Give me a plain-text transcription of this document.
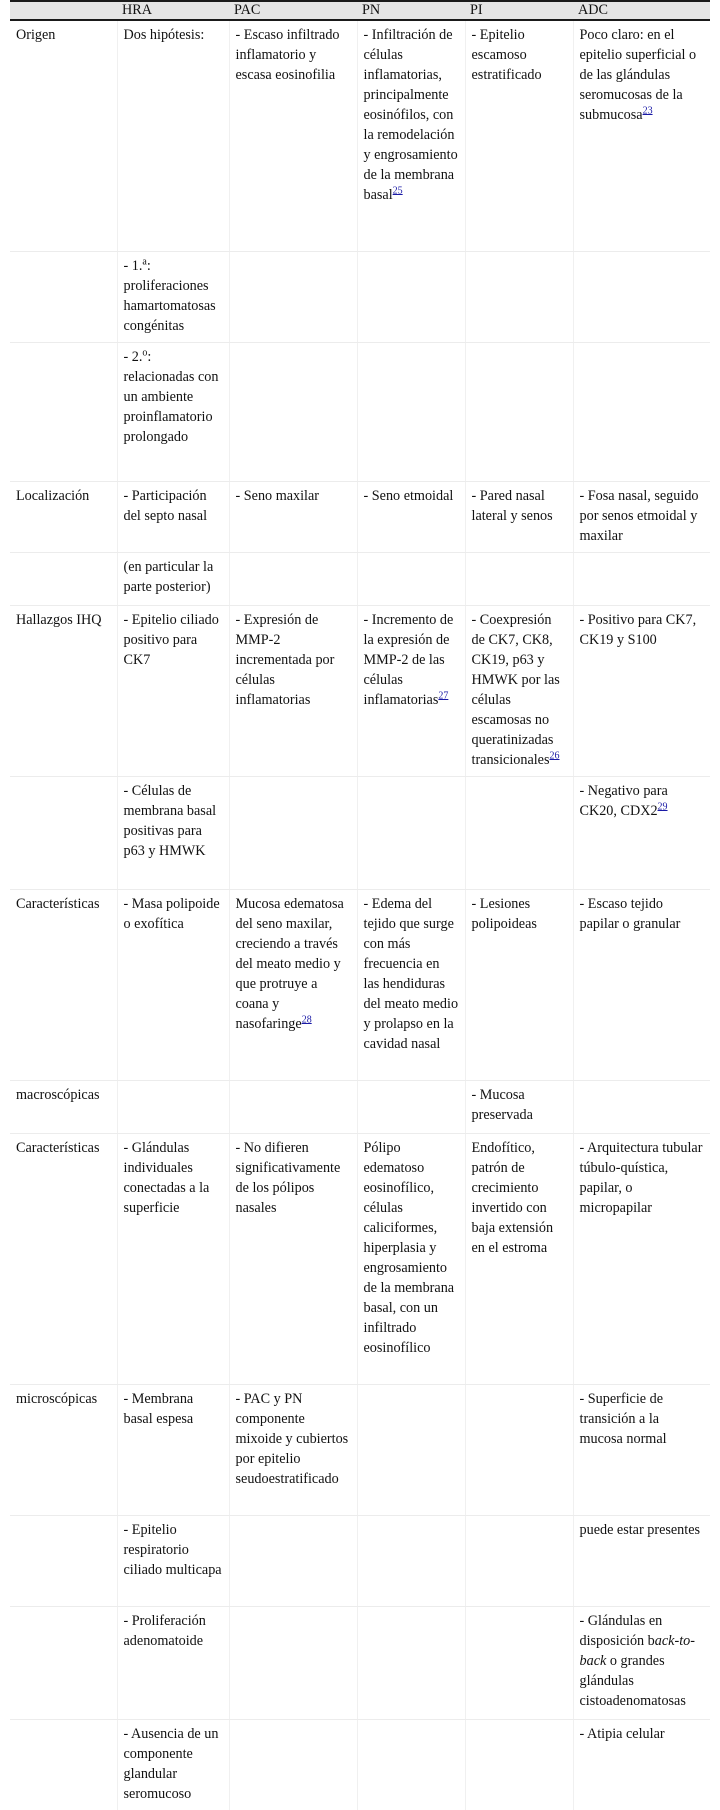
	HRA	PAC	PN	PI	ADC
Origen	Dos hipótesis:	- Escaso infiltrado inflamatorio y escasa eosinofilia	- Infiltración de células inflamatorias, principalmente eosinófilos, con la remodelación y engrosamiento de la membrana basal$^{25}$	- Epitelio escamoso estratificado	Poco claro: en el epitelio superficial o de las glándulas seromucosas de la submucosa$^{23}$
	- 1.$^a$: proliferaciones hamartomatosas congénitas				
	- 2.$^o$: relacionadas con un ambiente proinflamatorio prolongado				
Localización	- Participación del septo nasal	- Seno maxilar	- Seno etmoidal	- Pared nasal lateral y senos	- Fosa nasal, seguido por senos etmoidal y maxilar
	(en particular la parte posterior)				
Hallazgos IHQ	- Epitelio ciliado positivo para CK7	- Expresión de MMP-2 incrementada por células inflamatorias	- Incremento de la expresión de MMP-2 de las células inflamatorias$^{27}$	- Coexpresión de CK7, CK8, CK19, p63 y HMWK por las células escamosas no queratinizadas transicionales$^{26}$	- Positivo para CK7, CK19 y S100
	- Células de membrana basal positivas para p63 y HMWK				- Negativo para CK20, CDX2$^{29}$
Características	- Masa polipoide o exofítica	Mucosa edematosa del seno maxilar, creciendo a través del meato medio y que protruye a coana y nasofaringe$^{28}$	- Edema del tejido que surge con más frecuencia en las hendiduras del meato medio y prolapso en la cavidad nasal	- Lesiones polipoideas	- Escaso tejido papilar o granular
macroscópicas				- Mucosa preservada	
Características	- Glándulas individuales conectadas a la superficie	- No difieren significativamente de los pólipos nasales	Pólipo edematoso eosinofílico, células caliciformes, hiperplasia y engrosamiento de la membrana basal, con un infiltrado eosinofílico	Endofítico, patrón de crecimiento invertido con baja extensión en el estroma	- Arquitectura tubular túbulo-quística, papilar, o micropapilar
microscópicas	- Membrana basal espesa	- PAC y PN componente mixoide y cubiertos por epitelio seudoestratificado			- Superficie de transición a la mucosa normal
	- Epitelio respiratorio ciliado multicapa				puede estar presentes
	- Proliferación adenomatoide				- Glándulas en disposición back-to-back o grandes glándulas cistoadenomatosas
	- Ausencia de un componente glandular seromucoso				- Atipia celular
